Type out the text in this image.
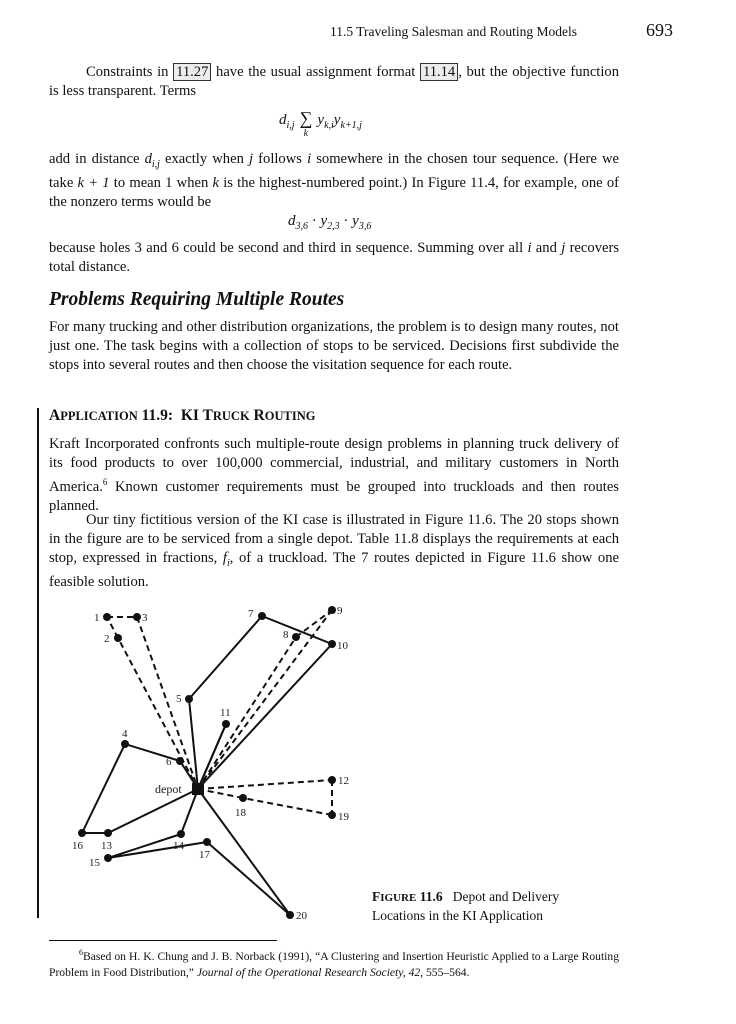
11.5 Traveling Salesman and Routing Models	693

Constraints in 11.27 have the usual assignment format 11.14 , but the objective function is less transparent. Terms

$d_{i,j}$ ∑
k
$y_{k,i}y_{k+1,j}$

add in distance $d_{i,j}$ exactly when j follows i somewhere in the chosen tour sequence. (Here we take k + 1 to mean 1 when k is the highest-numbered point.) In Figure 11.4, for example, one of the nonzero terms would be

$d_{3,6} \cdot y_{2,3} \cdot y_{3,6}$

because holes 3 and 6 could be second and third in sequence. Summing over all i and j recovers total distance.

Problems Requiring Multiple Routes

For many trucking and other distribution organizations, the problem is to design many routes, not just one. The task begins with a collection of stops to be serviced. Decisions first subdivide the stops into several routes and then choose the visitation sequence for each route.

APPLICATION 11.9:  KI TRUCK ROUTING

Kraft Incorporated confronts such multiple-route design problems in planning truck delivery of its food products to over 100,000 commercial, industrial, and military customers in North America.$^6$ Known customer requirements must be grouped into truckloads and then routes planned.

Our tiny fictitious version of the KI case is illustrated in Figure 11.6. The 20 stops shown in the figure are to be serviced from a single depot. Table 11.8 displays the requirements at each stop, expressed in fractions, $f_i$, of a truckload. The 7 routes depicted in Figure 11.6 show one feasible solution.

1
2
3
4
5
6
7
8
9
10
11
12
13	14
15
16
17
18	19
20
depot
FIGURE 11.6 Depot and Delivery
Locations in the KI Application
$^6$Based on H. K. Chung and J. B. Norback (1991), “A Clustering and Insertion Heuristic Applied to a Large Routing Problem in Food Distribution,” Journal of the Operational Research Society, 42, 555–564.
